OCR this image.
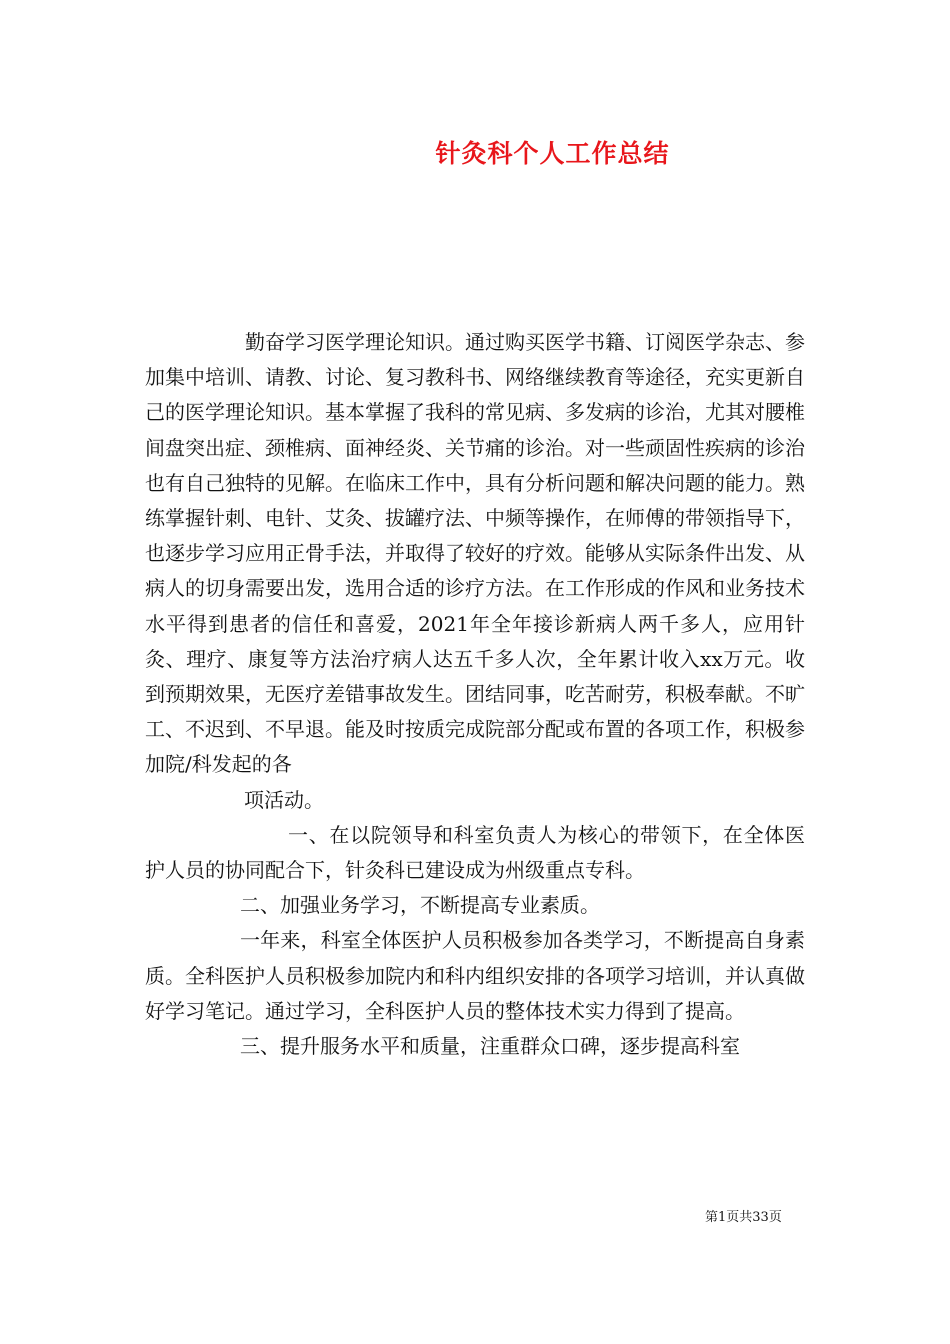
针灸科个人工作总结

勤奋学习医学理论知识。通过购买医学书籍、订阅医学杂志、参加集中培训、请教、讨论、复习教科书、网络继续教育等途径，充实更新自己的医学理论知识。基本掌握了我科的常见病、多发病的诊治，尤其对腰椎间盘突出症、颈椎病、面神经炎、关节痛的诊治。对一些顽固性疾病的诊治也有自己独特的见解。在临床工作中，具有分析问题和解决问题的能力。熟练掌握针刺、电针、艾灸、拔罐疗法、中频等操作，在师傅的带领指导下，也逐步学习应用正骨手法，并取得了较好的疗效。能够从实际条件出发、从病人的切身需要出发，选用合适的诊疗方法。在工作形成的作风和业务技术水平得到患者的信任和喜爱，2021年全年接诊新病人两千多人，应用针灸、理疗、康复等方法治疗病人达五千多人次，全年累计收入xx万元。收到预期效果，无医疗差错事故发生。团结同事，吃苦耐劳，积极奉献。不旷工、不迟到、不早退。能及时按质完成院部分配或布置的各项工作，积极参加院/科发起的各

项活动。

一、在以院领导和科室负责人为核心的带领下，在全体医护人员的协同配合下，针灸科已建设成为州级重点专科。

二、加强业务学习，不断提高专业素质。

一年来，科室全体医护人员积极参加各类学习，不断提高自身素质。全科医护人员积极参加院内和科内组织安排的各项学习培训，并认真做好学习笔记。通过学习，全科医护人员的整体技术实力得到了提高。

三、提升服务水平和质量，注重群众口碑，逐步提高科室

第1页共33页
